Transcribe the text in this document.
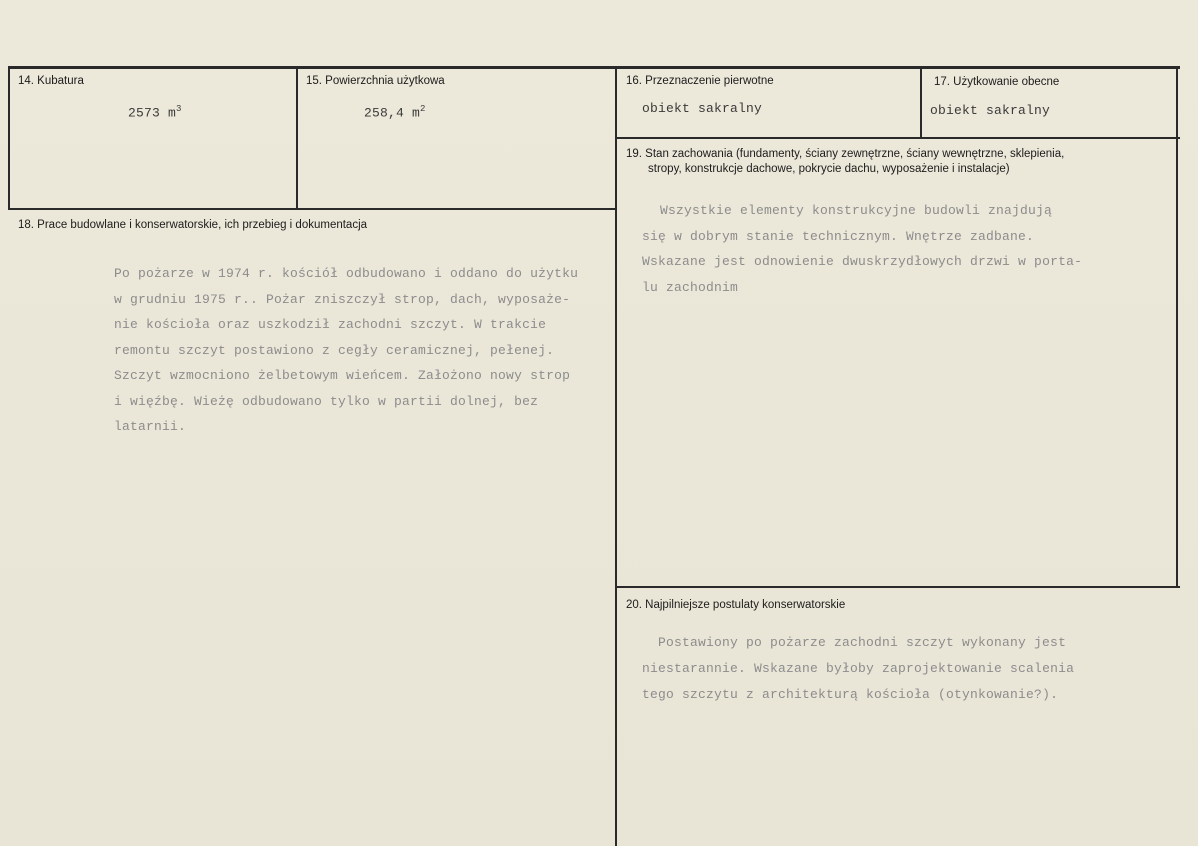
14. Kubatura
2573 $m^3$
15. Powierzchnia użytkowa
258,4 $m^2$
16. Przeznaczenie pierwotne
obiekt sakralny
17. Użytkowanie obecne
obiekt sakralny
19. Stan zachowania (fundamenty, ściany zewnętrzne, ściany wewnętrzne, sklepienia,
stropy, konstrukcje dachowe, pokrycie dachu, wyposażenie i instalacje)

Wszystkie elementy konstrukcyjne budowli znajdują

się w dobrym stanie technicznym. Wnętrze zadbane.

Wskazane jest odnowienie dwuskrzydłowych drzwi w porta-

lu zachodnim

18. Prace budowlane i konserwatorskie, ich przebieg i dokumentacja

Po pożarze w 1974 r. kościół odbudowano i oddano do użytku

w grudniu 1975 r.. Pożar zniszczył strop, dach, wyposaże-

nie kościoła oraz uszkodził zachodni szczyt. W trakcie

remontu szczyt postawiono z cegły ceramicznej, pełenej.

Szczyt wzmocniono żelbetowym wieńcem. Założono nowy strop

i więźbę. Wieżę odbudowano tylko w partii dolnej, bez

latarnii.

20. Najpilniejsze postulaty konserwatorskie

Postawiony po pożarze zachodni szczyt wykonany jest

niestarannie. Wskazane byłoby zaprojektowanie scalenia

tego szczytu z architekturą kościoła (otynkowanie?).
